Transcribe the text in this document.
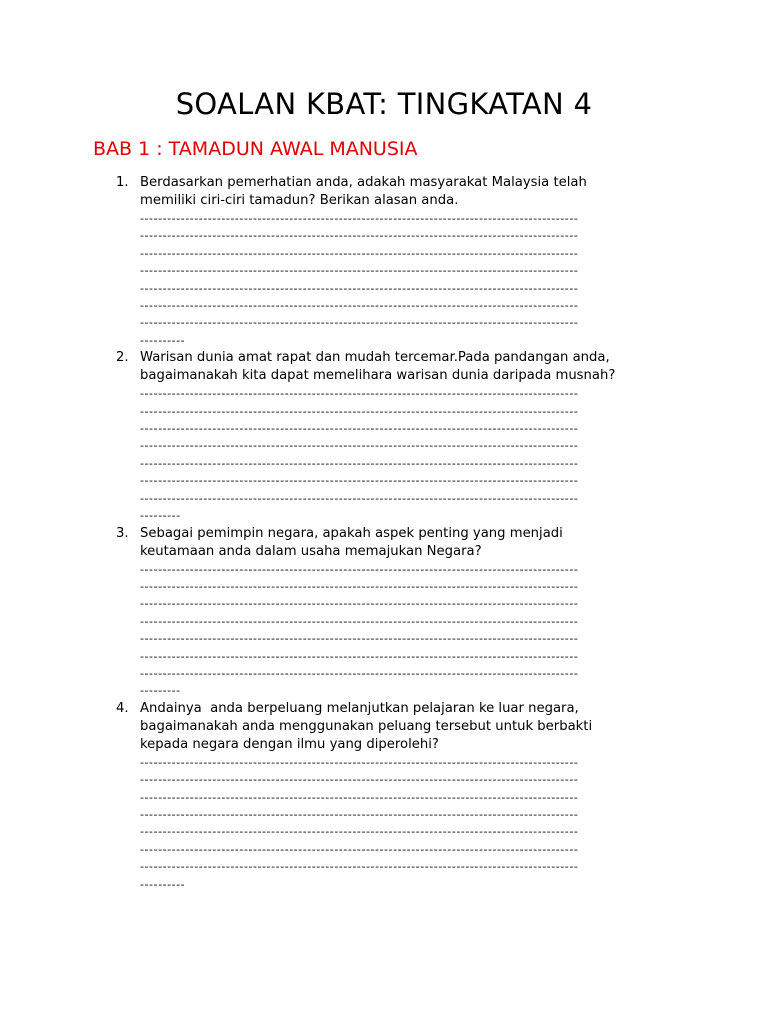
SOALAN KBAT: TINGKATAN 4
BAB 1 : TAMADUN AWAL MANUSIA
1. Berdasarkan pemerhatian anda, adakah masyarakat Malaysia telah
memiliki ciri-ciri tamadun? Berikan alasan anda.
-------------------------------------------------------------------------------------------------
-------------------------------------------------------------------------------------------------
-------------------------------------------------------------------------------------------------
-------------------------------------------------------------------------------------------------
-------------------------------------------------------------------------------------------------
-------------------------------------------------------------------------------------------------
-------------------------------------------------------------------------------------------------
----------
2. Warisan dunia amat rapat dan mudah tercemar.Pada pandangan anda,
bagaimanakah kita dapat memelihara warisan dunia daripada musnah?
-------------------------------------------------------------------------------------------------
-------------------------------------------------------------------------------------------------
-------------------------------------------------------------------------------------------------
-------------------------------------------------------------------------------------------------
-------------------------------------------------------------------------------------------------
-------------------------------------------------------------------------------------------------
-------------------------------------------------------------------------------------------------
---------
3. Sebagai pemimpin negara, apakah aspek penting yang menjadi
keutamaan anda dalam usaha memajukan Negara?
-------------------------------------------------------------------------------------------------
-------------------------------------------------------------------------------------------------
-------------------------------------------------------------------------------------------------
-------------------------------------------------------------------------------------------------
-------------------------------------------------------------------------------------------------
-------------------------------------------------------------------------------------------------
-------------------------------------------------------------------------------------------------
---------
4. Andainya  anda berpeluang melanjutkan pelajaran ke luar negara,
bagaimanakah anda menggunakan peluang tersebut untuk berbakti
kepada negara dengan ilmu yang diperolehi?
-------------------------------------------------------------------------------------------------
-------------------------------------------------------------------------------------------------
-------------------------------------------------------------------------------------------------
-------------------------------------------------------------------------------------------------
-------------------------------------------------------------------------------------------------
-------------------------------------------------------------------------------------------------
-------------------------------------------------------------------------------------------------
----------
